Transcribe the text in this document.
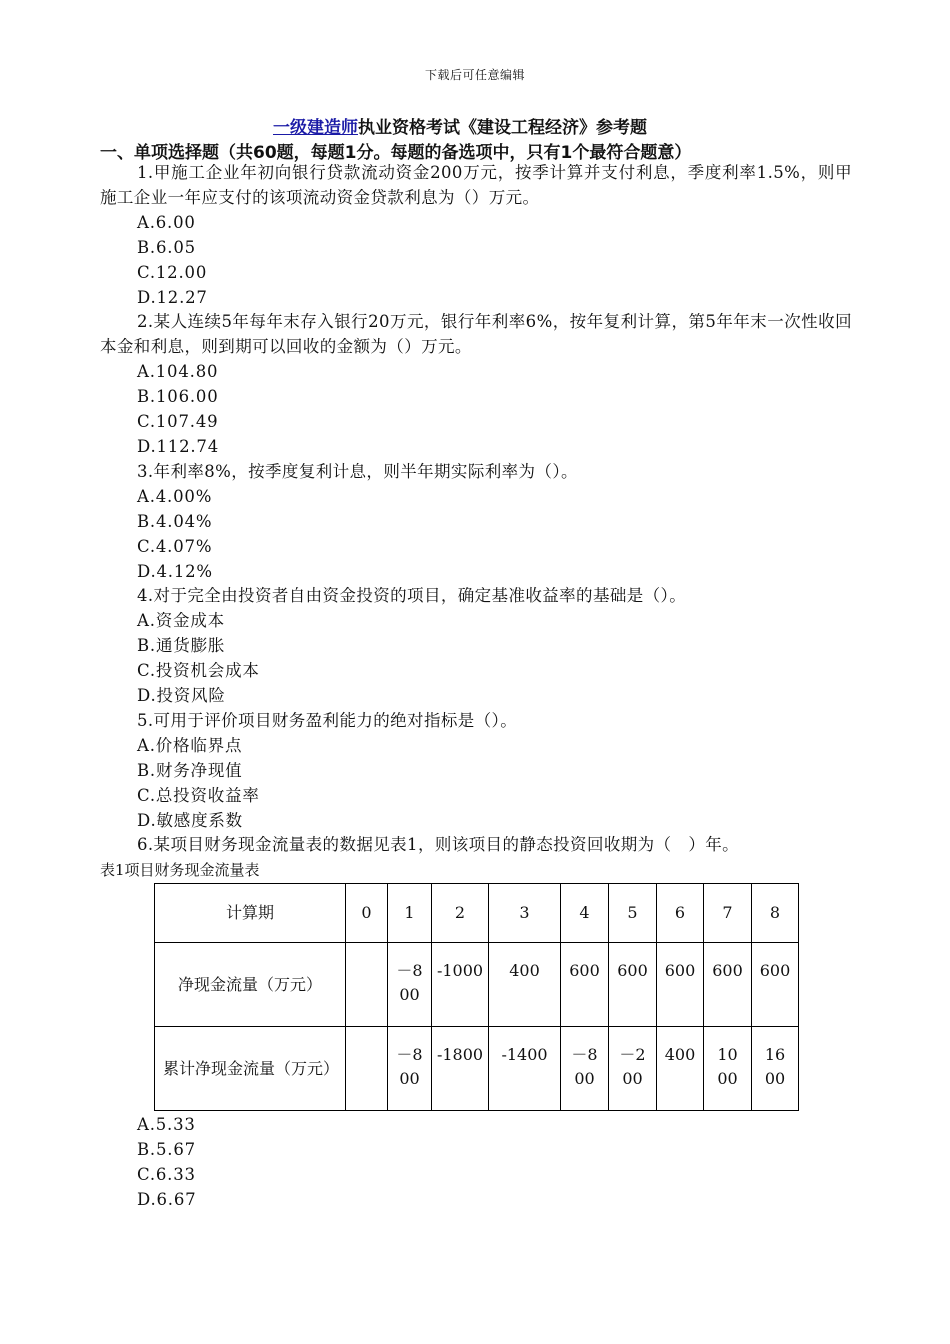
下载后可任意编辑
一级建造师执业资格考试《建设工程经济》参考题
一、单项选择题（共60题，每题1分。每题的备选项中，只有1个最符合题意）
1.甲施工企业年初向银行贷款流动资金200万元，按季计算并支付利息，季度利率1.5%，则甲施工企业一年应支付的该项流动资金贷款利息为（）万元。
A.6.00
B.6.05
C.12.00
D.12.27
2.某人连续5年每年末存入银行20万元，银行年利率6%，按年复利计算，第5年年末一次性收回本金和利息，则到期可以回收的金额为（）万元。
A.104.80
B.106.00
C.107.49
D.112.74
3.年利率8%，按季度复利计息，则半年期实际利率为（）。
A.4.00%
B.4.04%
C.4.07%
D.4.12%
4.对于完全由投资者自由资金投资的项目，确定基准收益率的基础是（）。
A.资金成本
B.通货膨胀
C.投资机会成本
D.投资风险
5.可用于评价项目财务盈利能力的绝对指标是（）。
A.价格临界点
B.财务净现值
C.总投资收益率
D.敏感度系数
6.某项目财务现金流量表的数据见表1，则该项目的静态投资回收期为（　）年。
表1项目财务现金流量表
计算期	0	1	2	3	4	5	6	7	8
净现金流量（万元）		－800	-1000	400	600	600	600	600	600
累计净现金流量（万元）		－800	-1800	-1400	－800	－200	400	1000	1600
A.5.33
B.5.67
C.6.33
D.6.67
